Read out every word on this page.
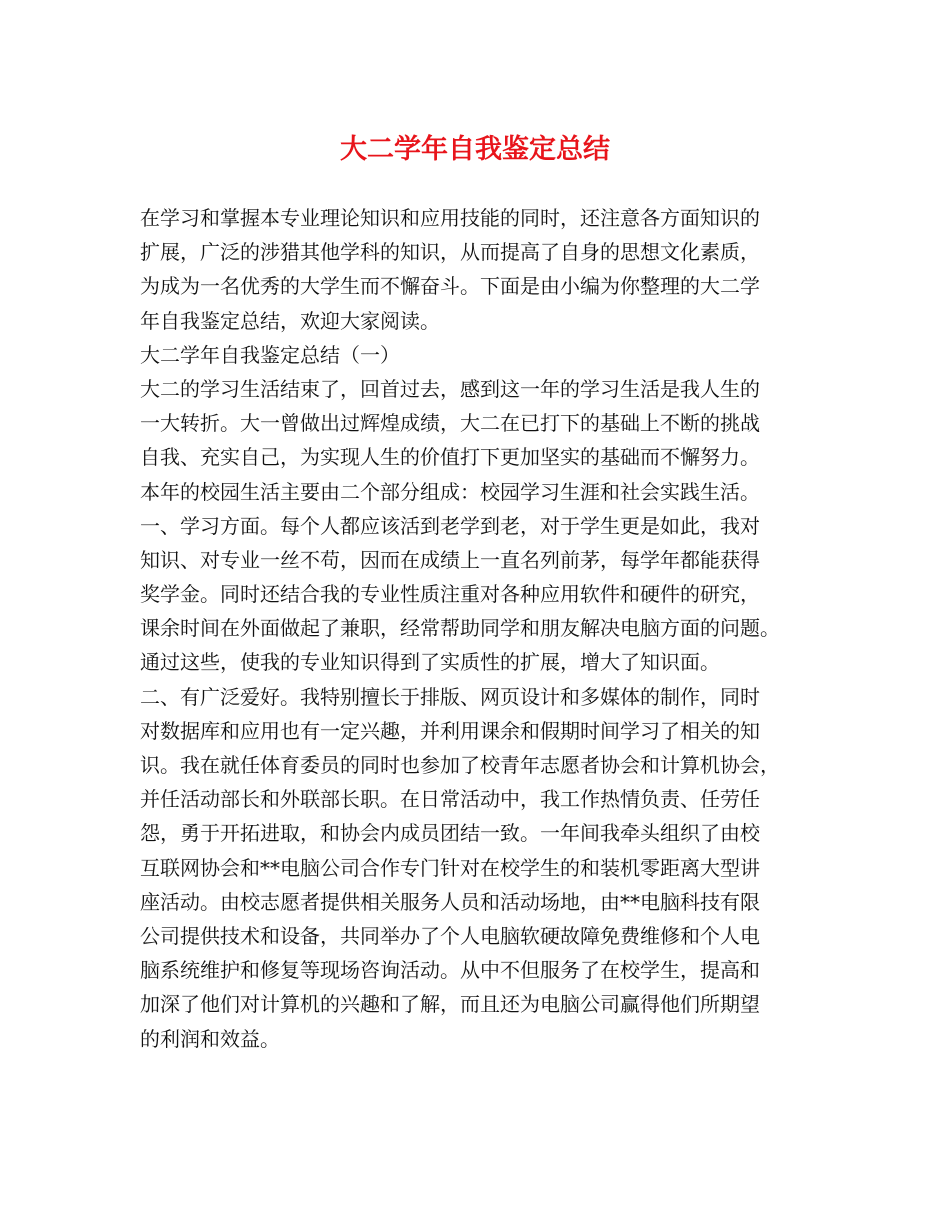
大二学年自我鉴定总结
在学习和掌握本专业理论知识和应用技能的同时，还注意各方面知识的
扩展，广泛的涉猎其他学科的知识，从而提高了自身的思想文化素质，
为成为一名优秀的大学生而不懈奋斗。下面是由小编为你整理的大二学
年自我鉴定总结，欢迎大家阅读。
大二学年自我鉴定总结（一）
大二的学习生活结束了，回首过去，感到这一年的学习生活是我人生的
一大转折。大一曾做出过辉煌成绩，大二在已打下的基础上不断的挑战
自我、充实自己，为实现人生的价值打下更加坚实的基础而不懈努力。
本年的校园生活主要由二个部分组成：校园学习生涯和社会实践生活。
一、学习方面。每个人都应该活到老学到老，对于学生更是如此，我对
知识、对专业一丝不苟，因而在成绩上一直名列前茅，每学年都能获得
奖学金。同时还结合我的专业性质注重对各种应用软件和硬件的研究，
课余时间在外面做起了兼职，经常帮助同学和朋友解决电脑方面的问题。
通过这些，使我的专业知识得到了实质性的扩展，增大了知识面。
二、有广泛爱好。我特别擅长于排版、网页设计和多媒体的制作，同时
对数据库和应用也有一定兴趣，并利用课余和假期时间学习了相关的知
识。我在就任体育委员的同时也参加了校青年志愿者协会和计算机协会，
并任活动部长和外联部长职。在日常活动中，我工作热情负责、任劳任
怨，勇于开拓进取，和协会内成员团结一致。一年间我牵头组织了由校
互联网协会和**电脑公司合作专门针对在校学生的和装机零距离大型讲
座活动。由校志愿者提供相关服务人员和活动场地，由**电脑科技有限
公司提供技术和设备，共同举办了个人电脑软硬故障免费维修和个人电
脑系统维护和修复等现场咨询活动。从中不但服务了在校学生，提高和
加深了他们对计算机的兴趣和了解，而且还为电脑公司赢得他们所期望
的利润和效益。
